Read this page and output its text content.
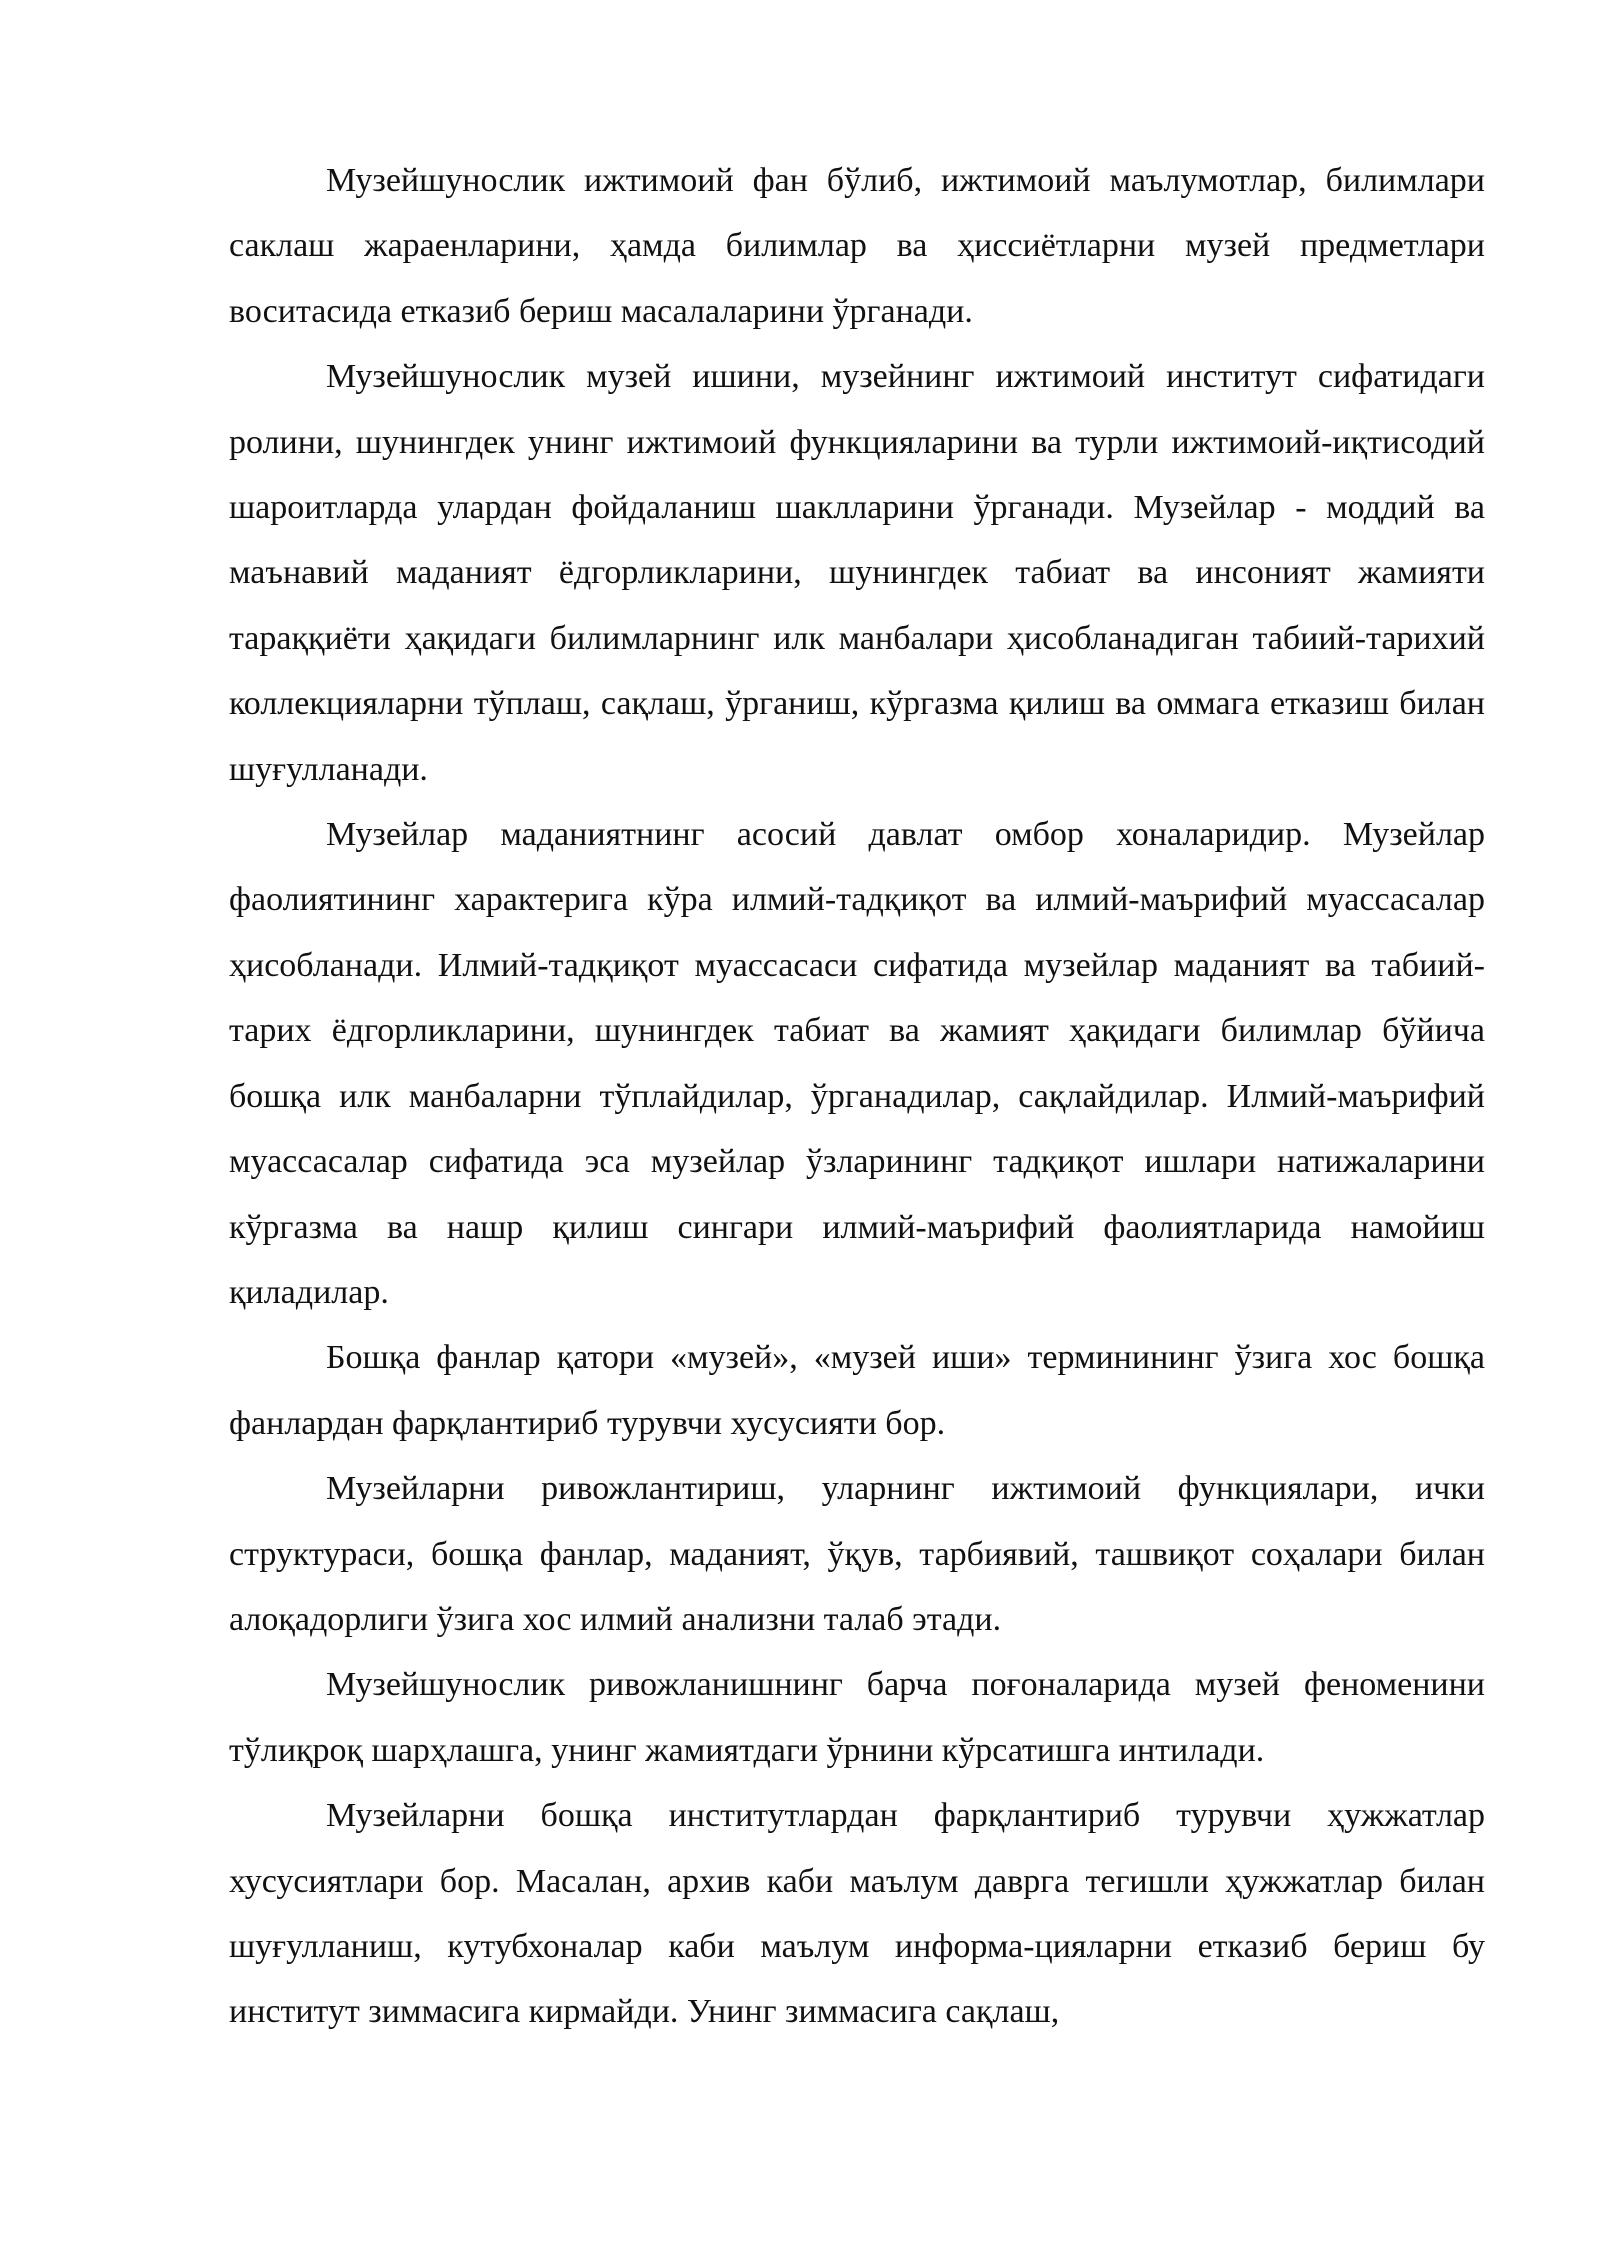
Музейшунослик ижтимоий фан бўлиб, ижтимоий маълумотлар, билимлари саклаш жараенларини, ҳамда билимлар ва ҳиссиётларни музей предметлари воситасида етказиб бериш масалаларини ўрганади.

Музейшунослик музей ишини, музейнинг ижтимоий институт сифатидаги ролини, шунингдек унинг ижтимоий функцияларини ва турли ижтимоий-иқтисодий шароитларда улардан фойдаланиш шаклларини ўрганади. Музейлар - моддий ва маънавий маданият ёдгорликларини, шунингдек табиат ва инсоният жамияти тараққиёти ҳақидаги билимларнинг илк манбалари ҳисобланадиган табиий-тарихий коллекцияларни тўплаш, сақлаш, ўрганиш, кўргазма қилиш ва оммага етказиш билан шуғулланади.

Музейлар маданиятнинг асосий давлат омбор хоналаридир. Музейлар фаолиятининг характерига кўра илмий-тадқиқот ва илмий-маърифий муассасалар ҳисобланади. Илмий-тадқиқот муассасаси сифатида музейлар маданият ва табиий-тарих ёдгорликларини, шунингдек табиат ва жамият ҳақидаги билимлар бўйича бошқа илк манбаларни тўплайдилар, ўрганадилар, сақлайдилар. Илмий-маърифий муассасалар сифатида эса музейлар ўзларининг тадқиқот ишлари натижаларини кўргазма ва нашр қилиш сингари илмий-маърифий фаолиятларида намойиш қиладилар.

Бошқа фанлар қатори «музей», «музей иши» терминининг ўзига хос бошқа фанлардан фарқлантириб турувчи хусусияти бор.

Музейларни ривожлантириш, уларнинг ижтимоий функциялари, ички структураси, бошқа фанлар, маданият, ўқув, тарбиявий, ташвиқот соҳалари билан алоқадорлиги ўзига хос илмий анализни талаб этади.

Музейшунослик ривожланишнинг барча поғоналарида музей феноменини тўлиқроқ шарҳлашга, унинг жамиятдаги ўрнини кўрсатишга интилади.

Музейларни бошқа институтлардан фарқлантириб турувчи ҳужжатлар хусусиятлари бор. Масалан, архив каби маълум даврга тегишли ҳужжатлар билан шуғулланиш, кутубхоналар каби маълум информа-цияларни етказиб бериш бу институт зиммасига кирмайди. Унинг зиммасига сақлаш,
